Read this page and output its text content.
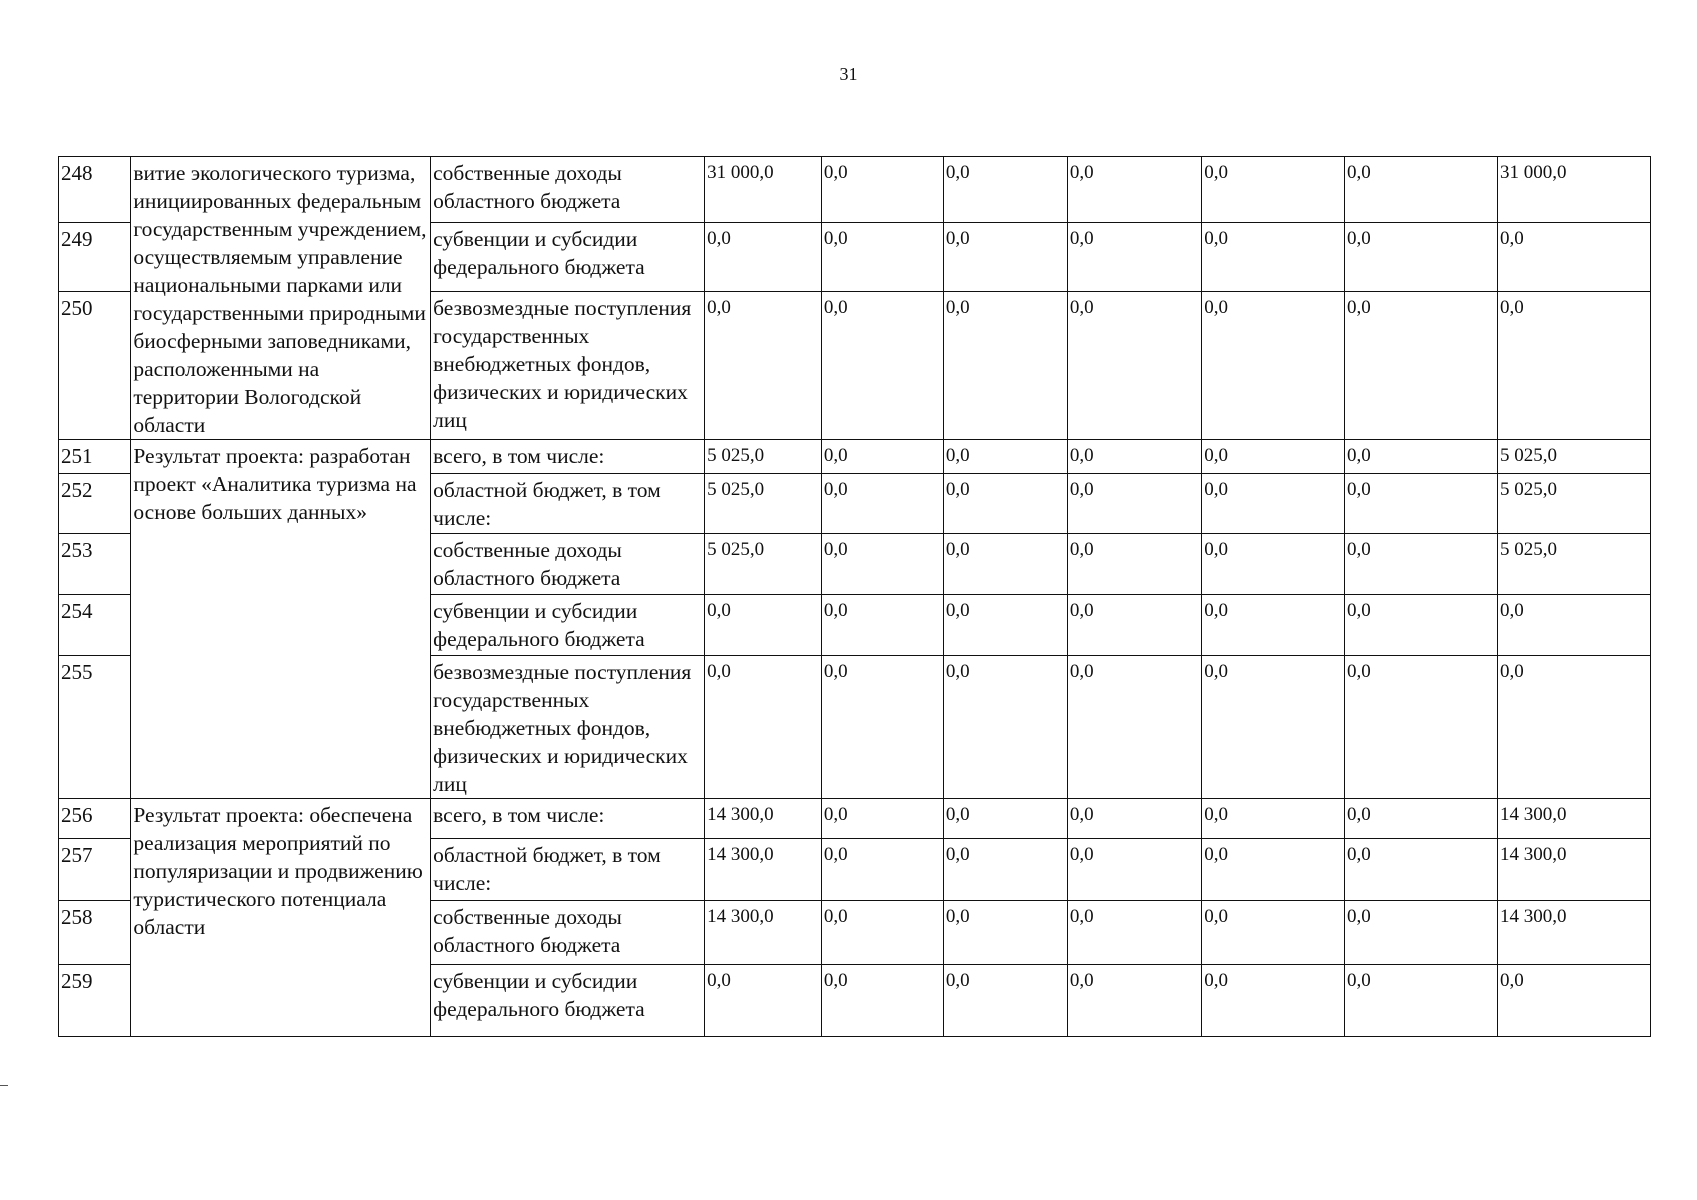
31
248	витие экологического туризма, инициированных федеральным государственным учреждением, осуществляемым управление национальными парками или государственными природными биосферными заповедниками, расположенными на территории Вологодской области	собственные доходы областного бюджета	31 000,0	0,0	0,0	0,0	0,0	0,0	31 000,0
249		субвенции и субсидии федерального бюджета	0,0	0,0	0,0	0,0	0,0	0,0	0,0
250		безвозмездные поступления государственных внебюджетных фондов, физических и юридических лиц	0,0	0,0	0,0	0,0	0,0	0,0	0,0
251	Результат проекта: разработан проект «Аналитика туризма на основе больших данных»	всего, в том числе:	5 025,0	0,0	0,0	0,0	0,0	0,0	5 025,0
252		областной бюджет, в том числе:	5 025,0	0,0	0,0	0,0	0,0	0,0	5 025,0
253		собственные доходы областного бюджета	5 025,0	0,0	0,0	0,0	0,0	0,0	5 025,0
254		субвенции и субсидии федерального бюджета	0,0	0,0	0,0	0,0	0,0	0,0	0,0
255		безвозмездные поступления государственных внебюджетных фондов, физических и юридических лиц	0,0	0,0	0,0	0,0	0,0	0,0	0,0
256	Результат проекта: обеспечена реализация мероприятий по популяризации и продвижению туристического потенциала области	всего, в том числе:	14 300,0	0,0	0,0	0,0	0,0	0,0	14 300,0
257		областной бюджет, в том числе:	14 300,0	0,0	0,0	0,0	0,0	0,0	14 300,0
258		собственные доходы областного бюджета	14 300,0	0,0	0,0	0,0	0,0	0,0	14 300,0
259		субвенции и субсидии федерального бюджета	0,0	0,0	0,0	0,0	0,0	0,0	0,0
